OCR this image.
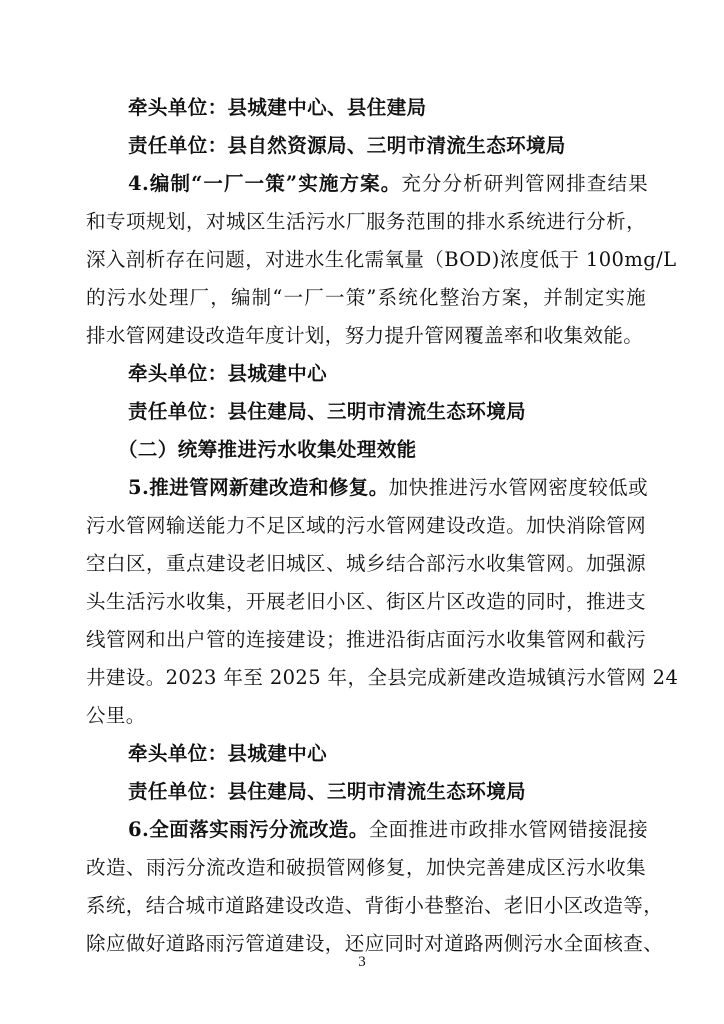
牵头单位：县城建中心、县住建局
责任单位：县自然资源局、三明市清流生态环境局
4.编制“一厂一策”实施方案。充分分析研判管网排查结果
和专项规划，对城区生活污水厂服务范围的排水系统进行分析，
深入剖析存在问题，对进水生化需氧量（BOD)浓度低于 100mg/L
的污水处理厂，编制“一厂一策”系统化整治方案，并制定实施
排水管网建设改造年度计划，努力提升管网覆盖率和收集效能。
牵头单位：县城建中心
责任单位：县住建局、三明市清流生态环境局
（二）统筹推进污水收集处理效能
5.推进管网新建改造和修复。加快推进污水管网密度较低或
污水管网输送能力不足区域的污水管网建设改造。加快消除管网
空白区，重点建设老旧城区、城乡结合部污水收集管网。加强源
头生活污水收集，开展老旧小区、街区片区改造的同时，推进支
线管网和出户管的连接建设；推进沿街店面污水收集管网和截污
井建设。2023 年至 2025 年，全县完成新建改造城镇污水管网 24
公里。
牵头单位：县城建中心
责任单位：县住建局、三明市清流生态环境局
6.全面落实雨污分流改造。全面推进市政排水管网错接混接
改造、雨污分流改造和破损管网修复，加快完善建成区污水收集
系统，结合城市道路建设改造、背街小巷整治、老旧小区改造等，
除应做好道路雨污管道建设，还应同时对道路两侧污水全面核查、
3
